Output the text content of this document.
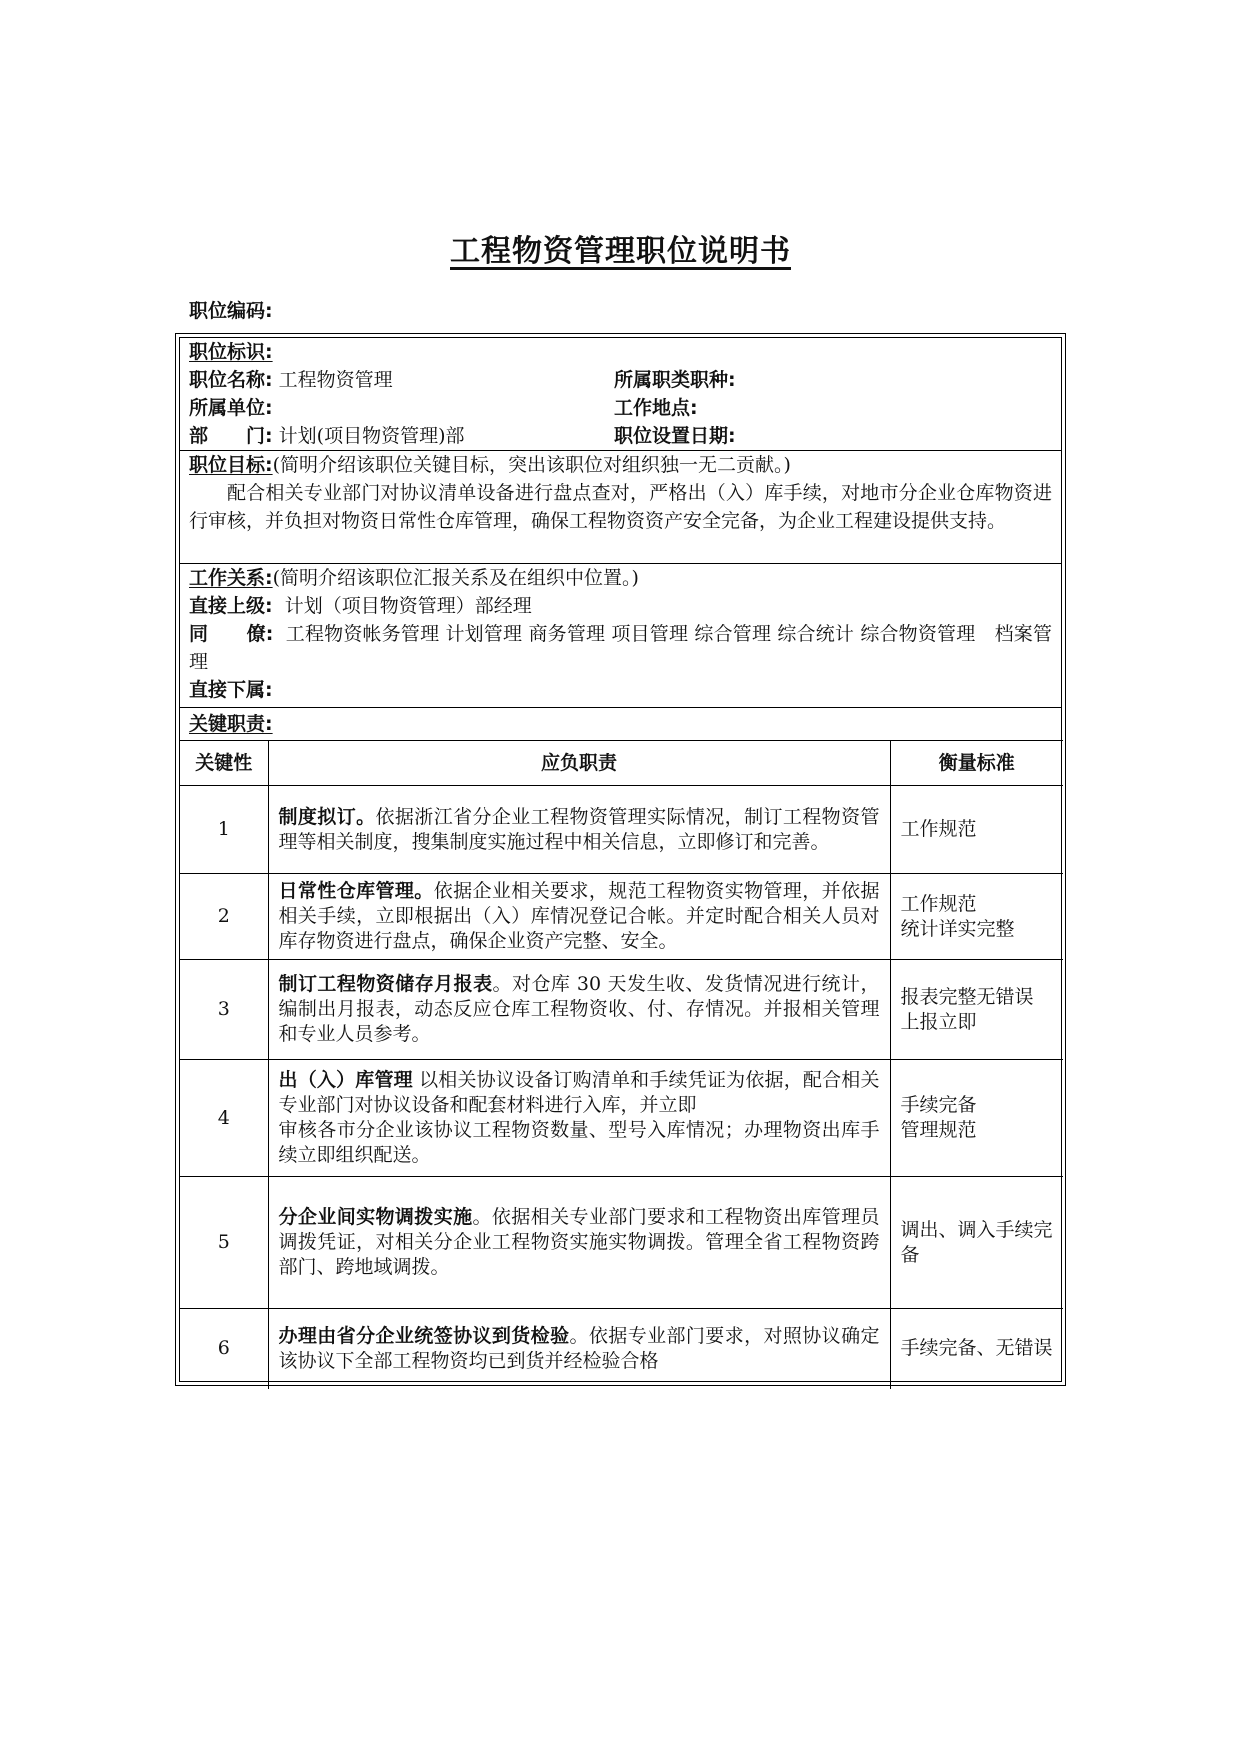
工程物资管理职位说明书
职位编码:
职位标识:
职位名称: 工程物资管理	所属职类职种:
所属单位:	工作地点:
部　　门: 计划(项目物资管理)部	职位设置日期:
职位目标:(简明介绍该职位关键目标，突出该职位对组织独一无二贡献。)
配合相关专业部门对协议清单设备进行盘点查对，严格出（入）库手续，对地市分企业仓库物资进行审核，并负担对物资日常性仓库管理，确保工程物资资产安全完备，为企业工程建设提供支持。
工作关系:(简明介绍该职位汇报关系及在组织中位置。)
直接上级: 计划（项目物资管理）部经理
同　　僚: 工程物资帐务管理 计划管理 商务管理 项目管理 综合管理 综合统计 综合物资管理　档案管理
直接下属:
关键职责:
关键性	应负职责	衡量标准
1	制度拟订。依据浙江省分企业工程物资管理实际情况，制订工程物资管理等相关制度，搜集制度实施过程中相关信息，立即修订和完善。	工作规范
2	日常性仓库管理。依据企业相关要求，规范工程物资实物管理，并依据相关手续，立即根据出（入）库情况登记合帐。并定时配合相关人员对库存物资进行盘点，确保企业资产完整、安全。	工作规范
统计详实完整
3	制订工程物资储存月报表。对仓库 30 天发生收、发货情况进行统计，编制出月报表，动态反应仓库工程物资收、付、存情况。并报相关管理和专业人员参考。	报表完整无错误
上报立即
4	出（入）库管理 以相关协议设备订购清单和手续凭证为依据，配合相关专业部门对协议设备和配套材料进行入库，并立即
审核各市分企业该协议工程物资数量、型号入库情况；办理物资出库手续立即组织配送。	手续完备
管理规范
5	分企业间实物调拨实施。依据相关专业部门要求和工程物资出库管理员调拨凭证，对相关分企业工程物资实施实物调拨。管理全省工程物资跨部门、跨地域调拨。	调出、调入手续完备
6	办理由省分企业统签协议到货检验。依据专业部门要求，对照协议确定该协议下全部工程物资均已到货并经检验合格	手续完备、无错误
